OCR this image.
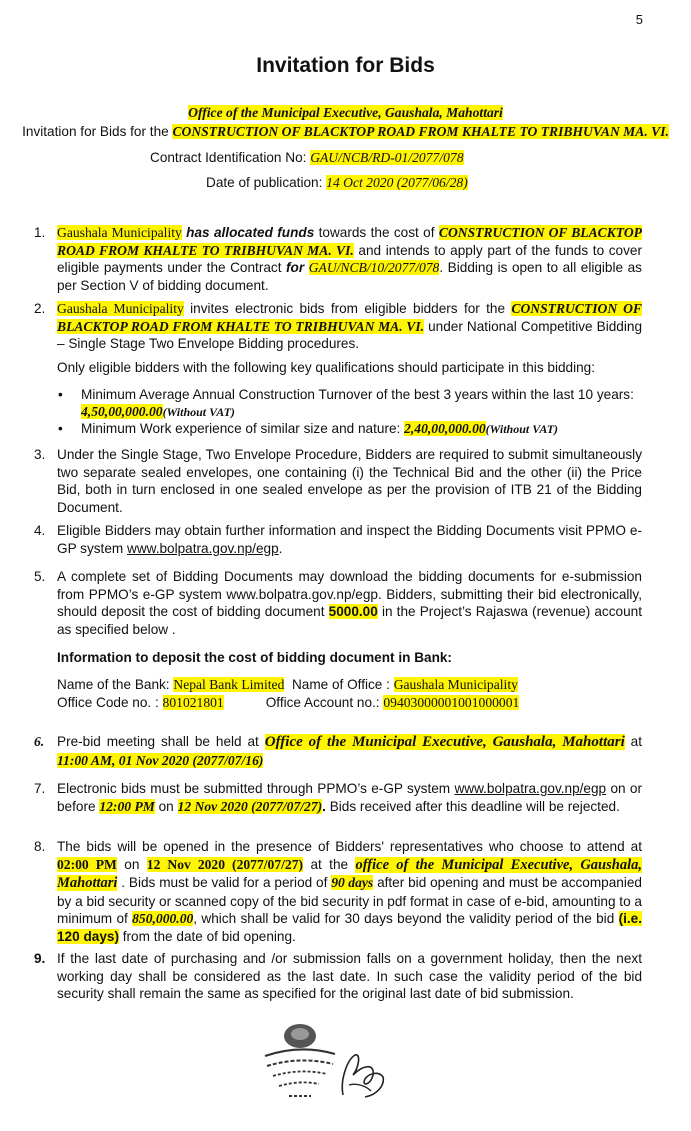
5
Invitation for Bids
Office of the Municipal Executive, Gaushala, Mahottari
Invitation for Bids for the CONSTRUCTION OF BLACKTOP ROAD FROM KHALTE TO TRIBHUVAN MA. VI.
Contract Identification No: GAU/NCB/RD-01/2077/078
Date of publication: 14 Oct 2020 (2077/06/28)
1. Gaushala Municipality has allocated funds towards the cost of CONSTRUCTION OF BLACKTOP ROAD FROM KHALTE TO TRIBHUVAN MA. VI. and intends to apply part of the funds to cover eligible payments under the Contract for GAU/NCB/10/2077/078. Bidding is open to all eligible as per Section V of bidding document.
2. Gaushala Municipality invites electronic bids from eligible bidders for the CONSTRUCTION OF BLACKTOP ROAD FROM KHALTE TO TRIBHUVAN MA. VI. under National Competitive Bidding – Single Stage Two Envelope Bidding procedures.
Only eligible bidders with the following key qualifications should participate in this bidding:
• Minimum Average Annual Construction Turnover of the best 3 years within the last 10 years: 4,50,00,000.00(Without VAT)
• Minimum Work experience of similar size and nature: 2,40,00,000.00(Without VAT)
3. Under the Single Stage, Two Envelope Procedure, Bidders are required to submit simultaneously two separate sealed envelopes, one containing (i) the Technical Bid and the other (ii) the Price Bid, both in turn enclosed in one sealed envelope as per the provision of ITB 21 of the Bidding Document.
4. Eligible Bidders may obtain further information and inspect the Bidding Documents visit PPMO e-GP system www.bolpatra.gov.np/egp.
5. A complete set of Bidding Documents may download the bidding documents for e-submission from PPMO’s e-GP system www.bolpatra.gov.np/egp. Bidders, submitting their bid electronically, should deposit the cost of bidding document 5000.00 in the Project’s Rajaswa (revenue) account as specified below .
Information to deposit the cost of bidding document in Bank:
Name of the Bank: Nepal Bank Limited Name of Office : Gaushala Municipality
Office Code no. : 801021801	Office Account no.: 09403000001001000001
6. Pre-bid meeting shall be held at Office of the Municipal Executive, Gaushala, Mahottari at 11:00 AM, 01 Nov 2020 (2077/07/16)
7. Electronic bids must be submitted through PPMO’s e-GP system www.bolpatra.gov.np/egp on or before 12:00 PM on 12 Nov 2020 (2077/07/27). Bids received after this deadline will be rejected.
8. The bids will be opened in the presence of Bidders' representatives who choose to attend at 02:00 PM on 12 Nov 2020 (2077/07/27) at the office of the Municipal Executive, Gaushala, Mahottari . Bids must be valid for a period of 90 days after bid opening and must be accompanied by a bid security or scanned copy of the bid security in pdf format in case of e-bid, amounting to a minimum of 850,000.00, which shall be valid for 30 days beyond the validity period of the bid (i.e. 120 days) from the date of bid opening.
9. If the last date of purchasing and /or submission falls on a government holiday, then the next working day shall be considered as the last date. In such case the validity period of the bid security shall remain the same as specified for the original last date of bid submission.
